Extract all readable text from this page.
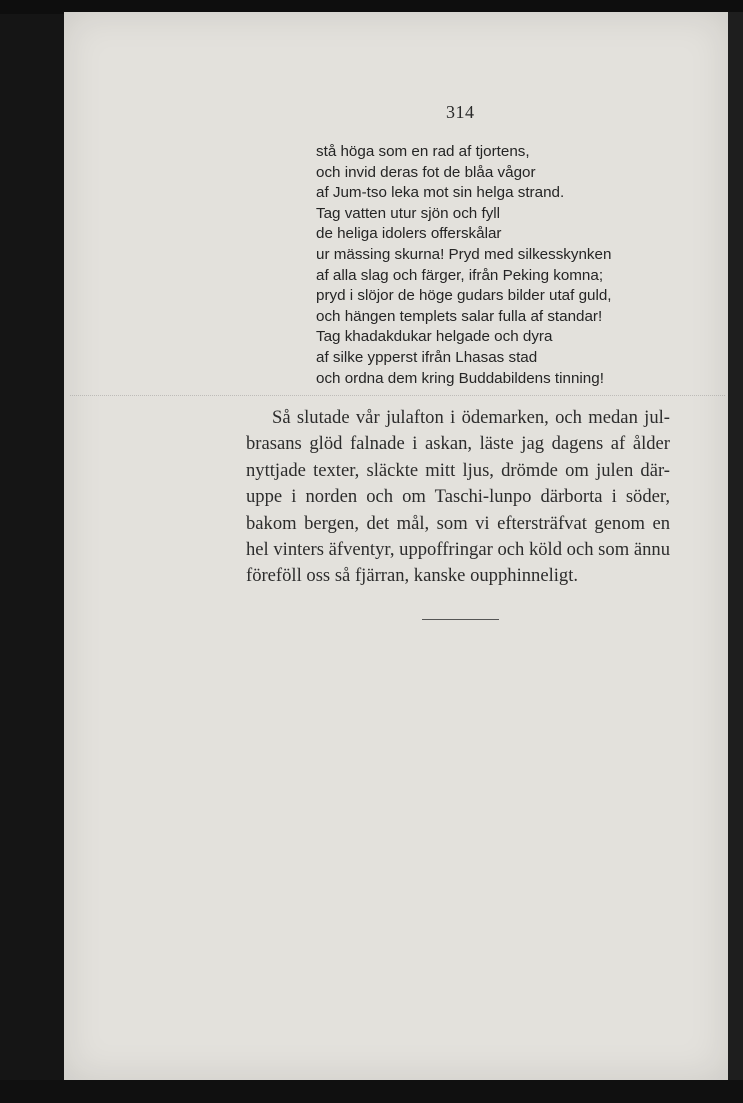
314
stå höga som en rad af tjortens,
och invid deras fot de blåa vågor
af Jum-tso leka mot sin helga strand.
Tag vatten utur sjön och fyll
de heliga idolers offerskålar
ur mässing skurna! Pryd med silkesskynken
af alla slag och färger, ifrån Peking komna;
pryd i slöjor de höge gudars bilder utaf guld,
och hängen templets salar fulla af standar!
Tag khadakdukar helgade och dyra
af silke ypperst ifrån Lhasas stad
och ordna dem kring Buddabildens tinning!
Så slutade vår julafton i ödemarken, och medan jul-
brasans glöd falnade i askan, läste jag dagens af ålder
nyttjade texter, släckte mitt ljus, drömde om julen där-
uppe i norden och om Taschi-lunpo därborta i söder,
bakom bergen, det mål, som vi eftersträfvat genom en
hel vinters äfventyr, uppoffringar och köld och som ännu
föreföll oss så fjärran, kanske oupphinneligt.
